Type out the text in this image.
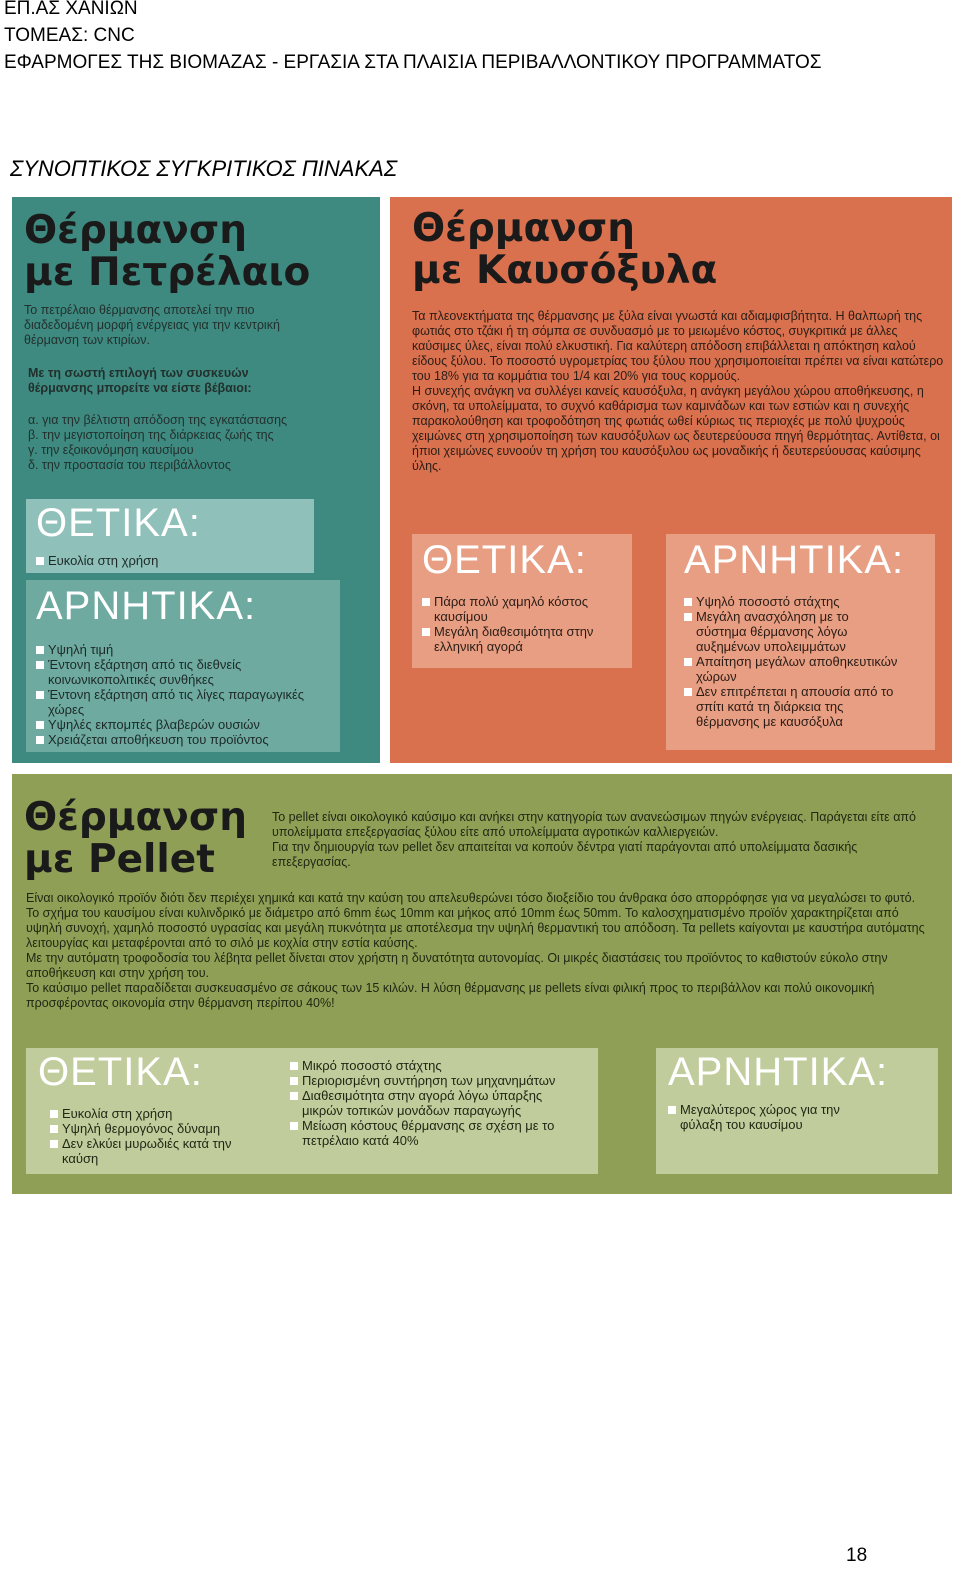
ΕΠ.ΑΣ ΧΑΝΙΩΝ
ΤΟΜΕΑΣ: CNC
ΕΦΑΡΜΟΓΕΣ ΤΗΣ ΒΙΟΜΑΖΑΣ - ΕΡΓΑΣΙΑ ΣΤΑ ΠΛΑΙΣΙΑ ΠΕΡΙΒΑΛΛΟΝΤΙΚΟΥ ΠΡΟΓΡΑΜΜΑΤΟΣ
ΣΥΝΟΠΤΙΚΟΣ ΣΥΓΚΡΙΤΙΚΟΣ ΠΙΝΑΚΑΣ
Θέρμανση
με Πετρέλαιο
Το πετρέλαιο θέρμανσης αποτελεί την πιο διαδεδομένη μορφή ενέργειας για την κεντρική θέρμανση των κτιρίων.
Με τη σωστή επιλογή των συσκευών θέρμανσης μπορείτε να είστε βέβαιοι:

α. για την βέλτιστη απόδοση της εγκατάστασης

β. την μεγιστοποίηση της διάρκειας ζωής της

γ. την εξοικονόμηση καυσίμου

δ. την προστασία του περιβάλλοντος

ΘΕΤΙΚΑ:
Ευκολία στη χρήση
ΑΡΝΗΤΙΚΑ:
Υψηλή τιμή
Έντονη εξάρτηση από τις διεθνείς κοινωνικοπολιτικές συνθήκες
Έντονη εξάρτηση από τις λίγες παραγωγικές χώρες
Υψηλές εκπομπές βλαβερών ουσιών
Χρειάζεται αποθήκευση του προϊόντος
Θέρμανση
με Καυσόξυλα

Τα πλεονεκτήματα της θέρμανσης με ξύλα είναι γνωστά και αδιαμφισβήτητα. Η θαλπωρή της φωτιάς στο τζάκι ή τη σόμπα σε συνδυασμό με το μειωμένο κόστος, συγκριτικά με άλλες καύσιμες ύλες, είναι πολύ ελκυστική. Για καλύτερη απόδοση επιβάλλεται η απόκτηση καλού είδους ξύλου. Το ποσοστό υγρομετρίας του ξύλου που χρησιμοποιείται πρέπει να είναι κατώτερο του 18% για τα κομμάτια του 1/4 και 20% για τους κορμούς.

Η συνεχής ανάγκη να συλλέγει κανείς καυσόξυλα, η ανάγκη μεγάλου χώρου αποθήκευσης, η σκόνη, τα υπολείμματα, το συχνό καθάρισμα των καμινάδων και των εστιών και η συνεχής παρακολούθηση και τροφοδότηση της φωτιάς ωθεί κύριως τις περιοχές με πολύ ψυχρούς χειμώνες στη χρησιμοποίηση των καυσόξυλων ως δευτερεύουσα πηγή θερμότητας. Αντίθετα, οι ήπιοι χειμώνες ευνοούν τη χρήση του καυσόξυλου ως μοναδικής ή δευτερεύουσας καύσιμης ύλης.

ΘΕΤΙΚΑ:
Πάρα πολύ χαμηλό κόστος καυσίμου
Μεγάλη διαθεσιμότητα στην ελληνική αγορά
ΑΡΝΗΤΙΚΑ:
Υψηλό ποσοστό στάχτης
Μεγάλη ανασχόληση με το σύστημα θέρμανσης λόγω αυξημένων υπολειμμάτων
Απαίτηση μεγάλων αποθηκευτικών χώρων
Δεν επιτρέπεται η απουσία από το σπίτι κατά τη διάρκεια της θέρμανσης με καυσόξυλα
Θέρμανση
με Pellet

Το pellet είναι οικολογικό καύσιμο και ανήκει στην κατηγορία των ανανεώσιμων πηγών ενέργειας. Παράγεται είτε από υπολείμματα επεξεργασίας ξύλου είτε από υπολείμματα αγροτικών καλλιεργειών.

Για την δημιουργία των pellet δεν απαιτείται να κοπούν δέντρα γιατί παράγονται από υπολείμματα δασικής επεξεργασίας.

Είναι οικολογικό προϊόν διότι δεν περιέχει χημικά και κατά την καύση του απελευθερώνει τόσο διοξείδιο του άνθρακα όσο απορρόφησε για να μεγαλώσει το φυτό.

Το σχήμα του καυσίμου είναι κυλινδρικό με διάμετρο από 6mm έως 10mm και μήκος από 10mm έως 50mm. Το καλοσχηματισμένο προϊόν χαρακτηρίζεται από υψηλή συνοχή, χαμηλό ποσοστό υγρασίας και μεγάλη πυκνότητα με αποτέλεσμα την υψηλή θερμαντική του απόδοση. Τα pellets καίγονται με καυστήρα αυτόματης λειτουργίας και μεταφέρονται από το σιλό με κοχλία στην εστία καύσης.

Με την αυτόματη τροφοδοσία του λέβητα pellet δίνεται στον χρήστη η δυνατότητα αυτονομίας. Οι μικρές διαστάσεις του προϊόντος το καθιστούν εύκολο στην αποθήκευση και στην χρήση του.

Το καύσιμο pellet παραδίδεται συσκευασμένο σε σάκους των 15 κιλών. Η λύση θέρμανσης με pellets είναι φιλική προς το περιβάλλον και πολύ οικονομική προσφέροντας οικονομία στην θέρμανση περίπου 40%!

ΘΕΤΙΚΑ:
Ευκολία στη χρήση
Υψηλή θερμογόνος δύναμη
Δεν ελκύει μυρωδιές κατά την καύση
Μικρό ποσοστό στάχτης
Περιορισμένη συντήρηση των μηχανημάτων
Διαθεσιμότητα στην αγορά λόγω ύπαρξης μικρών τοπικών μονάδων παραγωγής
Μείωση κόστους θέρμανσης σε σχέση με το πετρέλαιο κατά 40%
ΑΡΝΗΤΙΚΑ:
Μεγαλύτερος χώρος για την φύλαξη του καυσίμου
18
